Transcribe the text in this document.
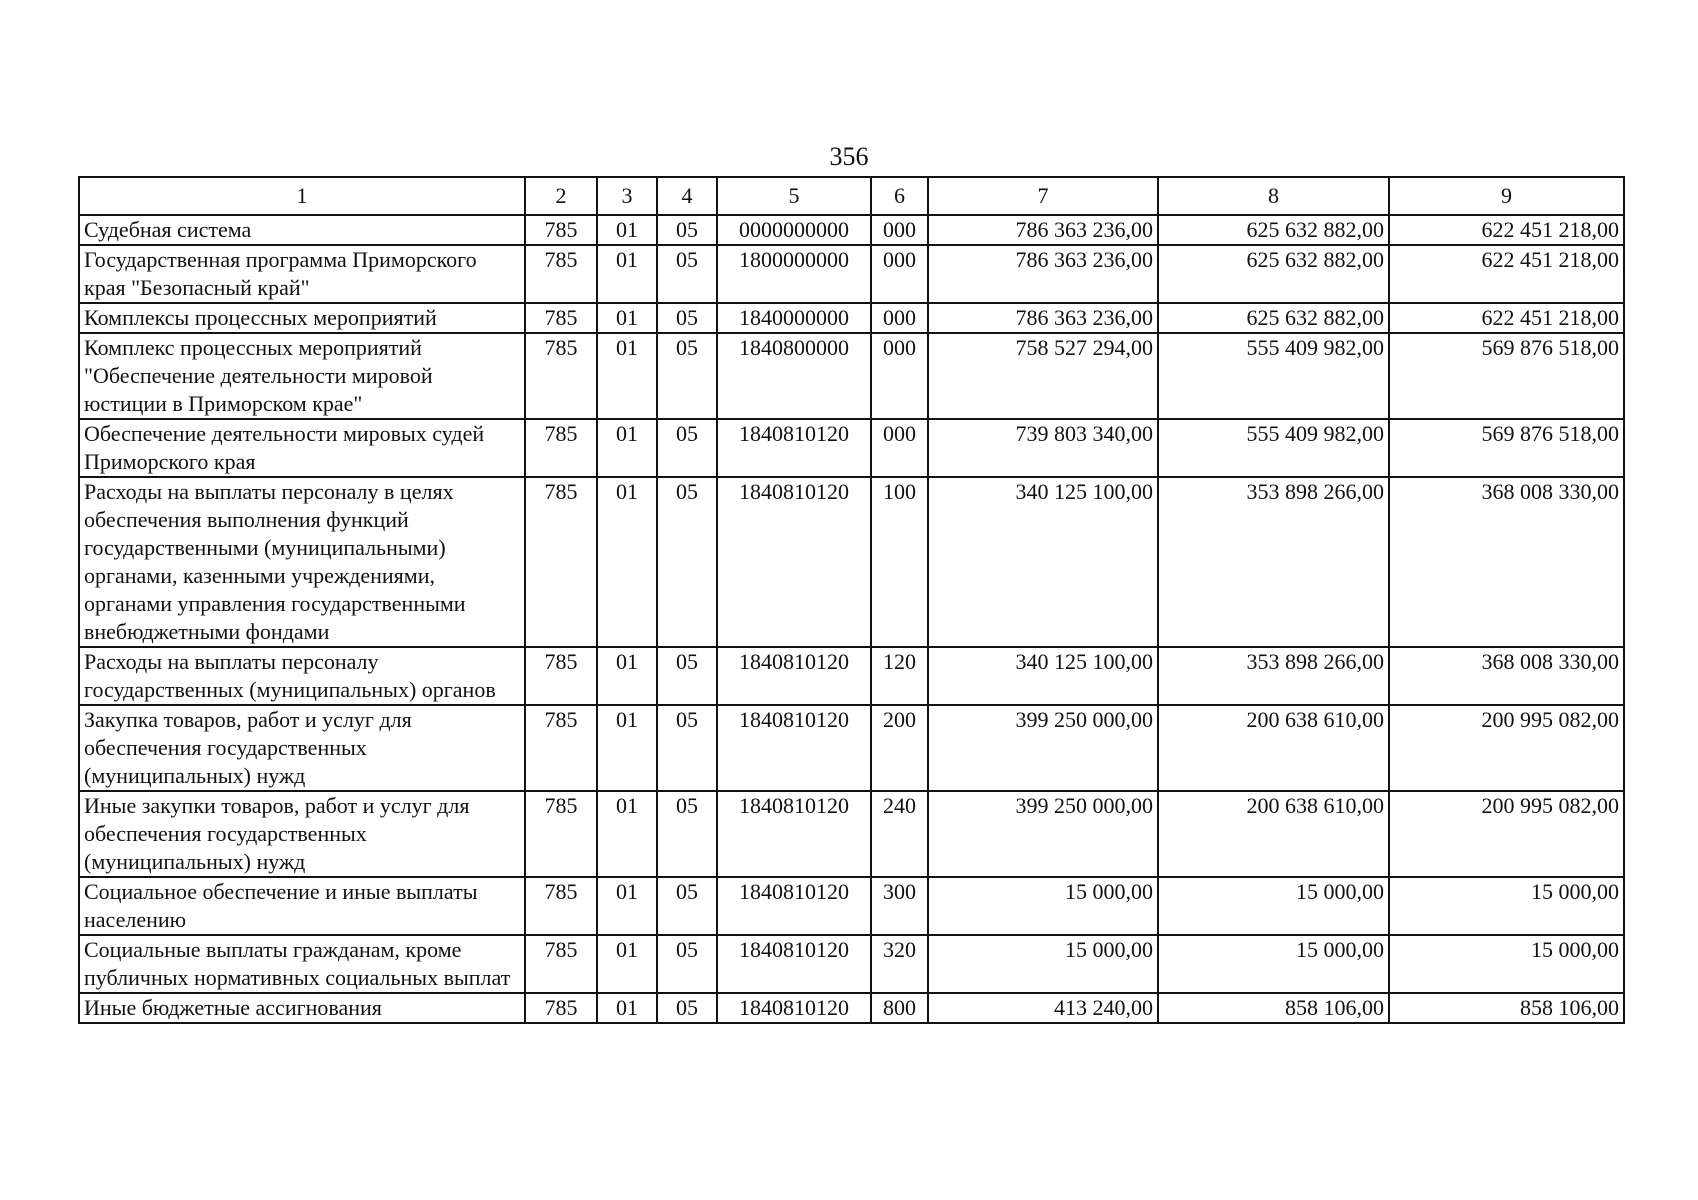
356
1	2	3	4	5	6	7	8	9
Судебная система	785	01	05	0000000000	000	786 363 236,00	625 632 882,00	622 451 218,00
Государственная программа Приморского края "Безопасный край"	785	01	05	1800000000	000	786 363 236,00	625 632 882,00	622 451 218,00
Комплексы процессных мероприятий	785	01	05	1840000000	000	786 363 236,00	625 632 882,00	622 451 218,00
Комплекс процессных мероприятий "Обеспечение деятельности мировой юстиции в Приморском крае"	785	01	05	1840800000	000	758 527 294,00	555 409 982,00	569 876 518,00
Обеспечение деятельности мировых судей Приморского края	785	01	05	1840810120	000	739 803 340,00	555 409 982,00	569 876 518,00
Расходы на выплаты персоналу в целях обеспечения выполнения функций государственными (муниципальными) органами, казенными учреждениями, органами управления государственными внебюджетными фондами	785	01	05	1840810120	100	340 125 100,00	353 898 266,00	368 008 330,00
Расходы на выплаты персоналу государственных (муниципальных) органов	785	01	05	1840810120	120	340 125 100,00	353 898 266,00	368 008 330,00
Закупка товаров, работ и услуг для обеспечения государственных (муниципальных) нужд	785	01	05	1840810120	200	399 250 000,00	200 638 610,00	200 995 082,00
Иные закупки товаров, работ и услуг для обеспечения государственных (муниципальных) нужд	785	01	05	1840810120	240	399 250 000,00	200 638 610,00	200 995 082,00
Социальное обеспечение и иные выплаты населению	785	01	05	1840810120	300	15 000,00	15 000,00	15 000,00
Социальные выплаты гражданам, кроме публичных нормативных социальных выплат	785	01	05	1840810120	320	15 000,00	15 000,00	15 000,00
Иные бюджетные ассигнования	785	01	05	1840810120	800	413 240,00	858 106,00	858 106,00
